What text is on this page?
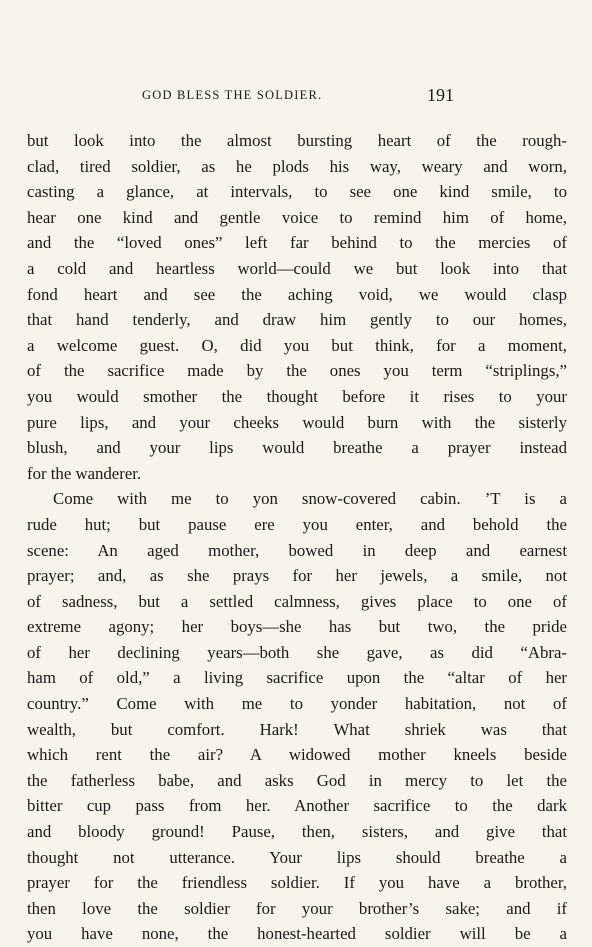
GOD BLESS THE SOLDIER.	191
but look into the almost bursting heart of the rough-
clad, tired soldier, as he plods his way, weary and worn,
casting a glance, at intervals, to see one kind smile, to
hear one kind and gentle voice to remind him of home,
and the “loved ones” left far behind to the mercies of
a cold and heartless world—could we but look into that
fond heart and see the aching void, we would clasp
that hand tenderly, and draw him gently to our homes,
a welcome guest. O, did you but think, for a moment,
of the sacrifice made by the ones you term “striplings,”
you would smother the thought before it rises to your
pure lips, and your cheeks would burn with the sisterly
blush, and your lips would breathe a prayer instead
for the wanderer.
Come with me to yon snow-covered cabin. ’T is a
rude hut; but pause ere you enter, and behold the
scene: An aged mother, bowed in deep and earnest
prayer; and, as she prays for her jewels, a smile, not
of sadness, but a settled calmness, gives place to one of
extreme agony; her boys—she has but two, the pride
of her declining years—both she gave, as did “Abra-
ham of old,” a living sacrifice upon the “altar of her
country.” Come with me to yonder habitation, not of
wealth, but comfort. Hark! What shriek was that
which rent the air? A widowed mother kneels beside
the fatherless babe, and asks God in mercy to let the
bitter cup pass from her. Another sacrifice to the dark
and bloody ground! Pause, then, sisters, and give that
thought not utterance. Your lips should breathe a
prayer for the friendless soldier. If you have a brother,
then love the soldier for your brother’s sake; and if
you have none, the honest-hearted soldier will be a
